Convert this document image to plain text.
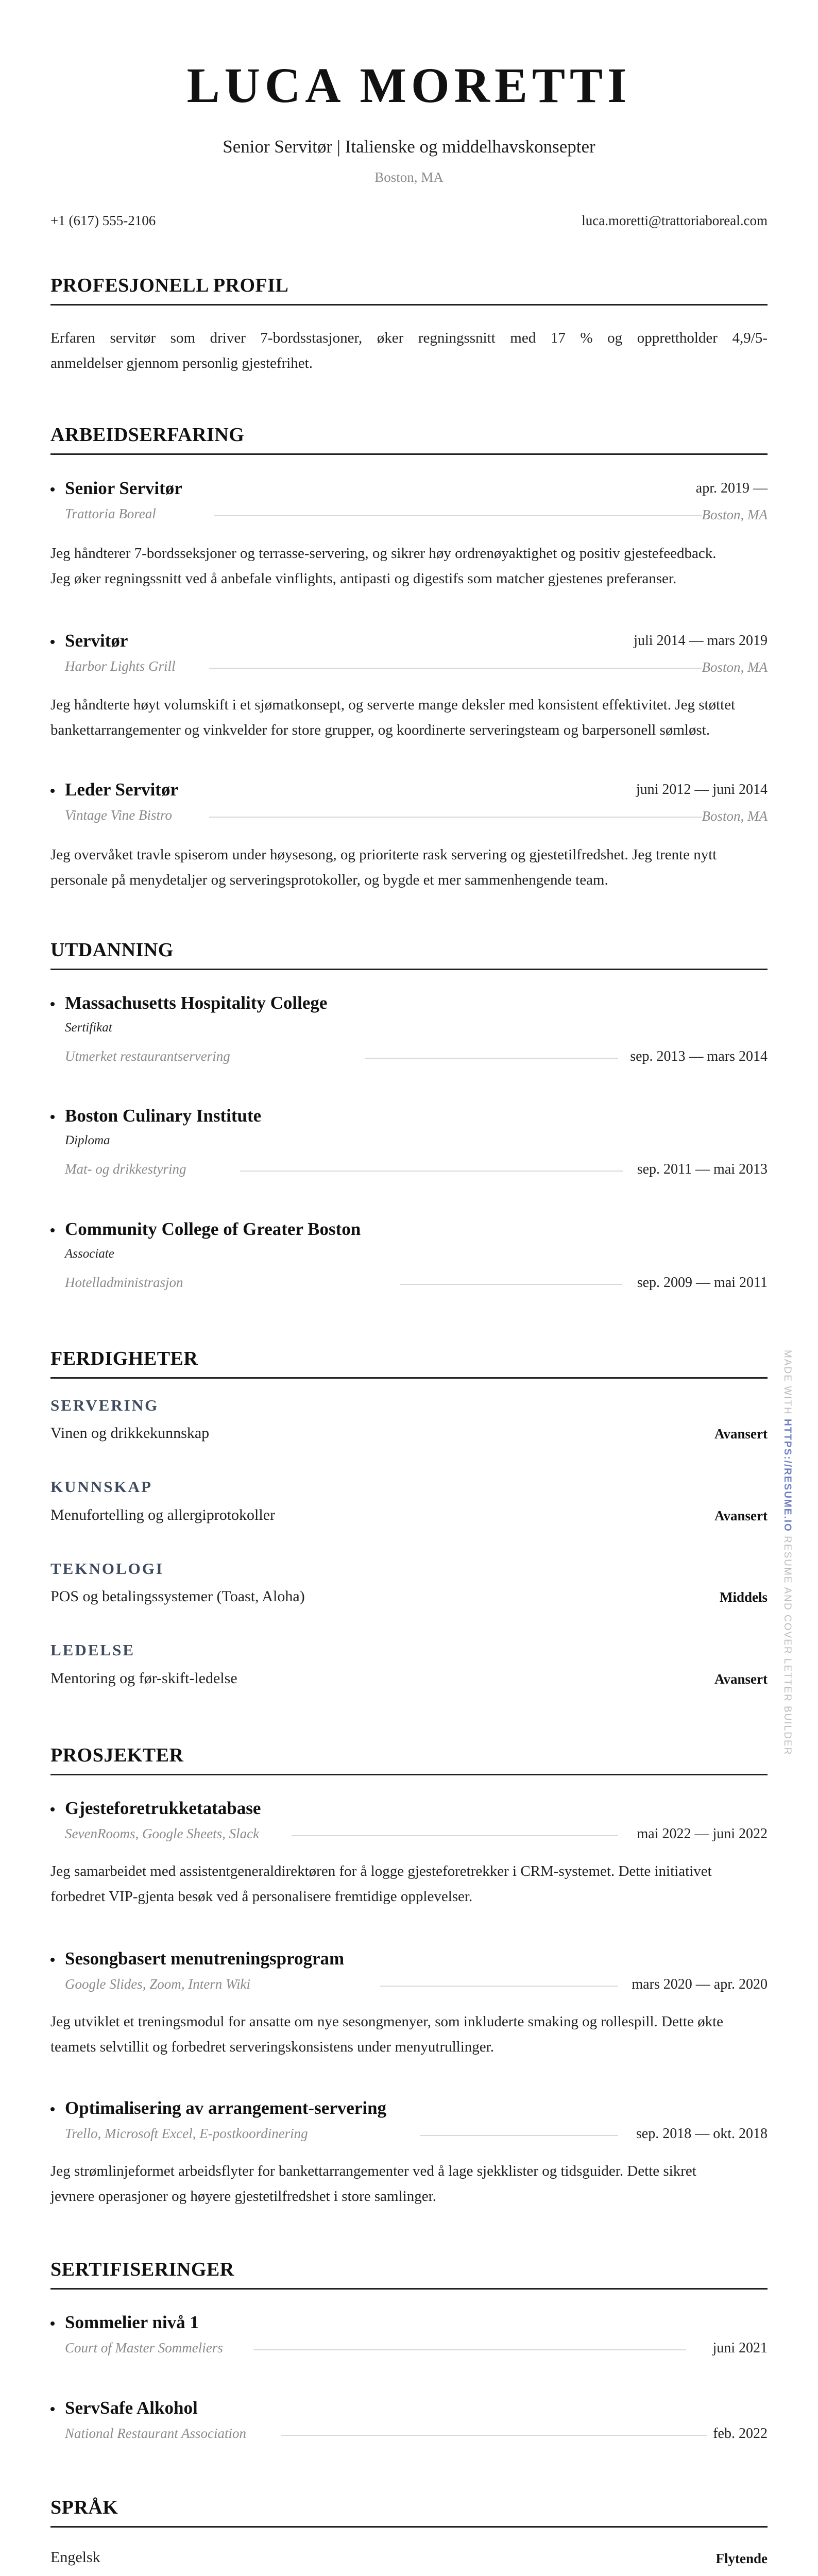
LUCA MORETTI
Senior Servitør | Italienske og middelhavskonsepter
Boston, MA
+1 (617) 555-2106	luca.moretti@trattoriaboreal.com
PROFESJONELL PROFIL
Erfaren servitør som driver 7-bordsstasjoner, øker regningssnitt med 17 % og opprettholder 4,9/5-
anmeldelser gjennom personlig gjestefrihet.
ARBEIDSERFARING
Senior Servitør	apr. 2019 —
Trattoria Boreal	Boston, MA
Jeg håndterer 7-bordsseksjoner og terrasse-servering, og sikrer høy ordrenøyaktighet og positiv gjestefeedback.
Jeg øker regningssnitt ved å anbefale vinflights, antipasti og digestifs som matcher gjestenes preferanser.
Servitør	juli 2014 — mars 2019
Harbor Lights Grill	Boston, MA
Jeg håndterte høyt volumskift i et sjømatkonsept, og serverte mange deksler med konsistent effektivitet. Jeg støttet
bankettarrangementer og vinkvelder for store grupper, og koordinerte serveringsteam og barpersonell sømløst.
Leder Servitør	juni 2012 — juni 2014
Vintage Vine Bistro	Boston, MA
Jeg overvåket travle spiserom under høysesong, og prioriterte rask servering og gjestetilfredshet. Jeg trente nytt
personale på menydetaljer og serveringsprotokoller, og bygde et mer sammenhengende team.
UTDANNING
Massachusetts Hospitality College
Sertifikat
Utmerket restaurantservering	sep. 2013 — mars 2014
Boston Culinary Institute
Diploma
Mat- og drikkestyring	sep. 2011 — mai 2013
Community College of Greater Boston
Associate
Hotelladministrasjon	sep. 2009 — mai 2011
FERDIGHETER
SERVERING
Vinen og drikkekunnskap	Avansert
KUNNSKAP
Menufortelling og allergiprotokoller	Avansert
TEKNOLOGI
POS og betalingssystemer (Toast, Aloha)	Middels
LEDELSE
Mentoring og før-skift-ledelse	Avansert
PROSJEKTER
Gjesteforetrukketatabase
SevenRooms, Google Sheets, Slack	mai 2022 — juni 2022
Jeg samarbeidet med assistentgeneraldirektøren for å logge gjesteforetrekker i CRM-systemet. Dette initiativet
forbedret VIP-gjenta besøk ved å personalisere fremtidige opplevelser.
Sesongbasert menutreningsprogram
Google Slides, Zoom, Intern Wiki	mars 2020 — apr. 2020
Jeg utviklet et treningsmodul for ansatte om nye sesongmenyer, som inkluderte smaking og rollespill. Dette økte
teamets selvtillit og forbedret serveringskonsistens under menyutrullinger.
Optimalisering av arrangement-servering
Trello, Microsoft Excel, E-postkoordinering	sep. 2018 — okt. 2018
Jeg strømlinjeformet arbeidsflyter for bankettarrangementer ved å lage sjekklister og tidsguider. Dette sikret
jevnere operasjoner og høyere gjestetilfredshet i store samlinger.
SERTIFISERINGER
Sommelier nivå 1
Court of Master Sommeliers	juni 2021
ServSafe Alkohol
National Restaurant Association	feb. 2022
SPRÅK
Engelsk	Flytende
MADE WITH HTTPS://RESUME.IO RESUME AND COVER LETTER BUILDER
